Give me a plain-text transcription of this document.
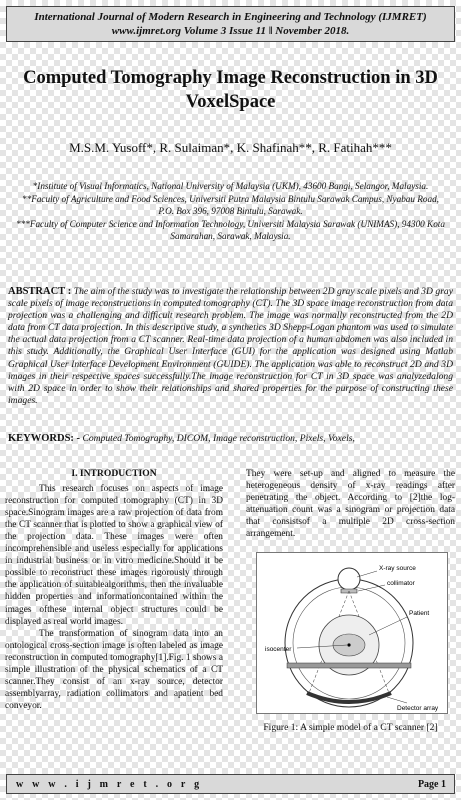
International Journal of Modern Research in Engineering and Technology (IJMRET)
www.ijmret.org Volume 3 Issue 11 ǁ November 2018.
Computed Tomography Image Reconstruction in 3D VoxelSpace
M.S.M. Yusoff*, R. Sulaiman*, K. Shafinah**, R. Fatihah***

*Institute of Visual Informatics, National University of Malaysia (UKM), 43600 Bangi, Selangor, Malaysia.

**Faculty of Agriculture and Food Sciences, Universiti Putra Malaysia Bintulu Sarawak Campus, Nyabau Road, P.O. Box 396, 97008 Bintulu, Sarawak.

***Faculty of Computer Science and Information Technology, Universiti Malaysia Sarawak (UNIMAS), 94300 Kota Samarahan, Sarawak, Malaysia.

ABSTRACT : The aim of the study was to investigate the relationship between 2D gray scale pixels and 3D gray scale pixels of image reconstructions in computed tomography (CT). The 3D space image reconstruction from data projection was a challenging and difficult research problem. The image was normally reconstructed from the 2D data from CT data projection. In this descriptive study, a synthetics 3D Shepp-Logan phantom was used to simulate the actual data projection from a CT scanner. Real-time data projection of a human abdomen was also included in this study. Additionally, the Graphical User Interface (GUI) for the application was designed using Matlab Graphical User Interface Development Environment (GUIDE). The application was able to reconstruct 2D and 3D images in their respective spaces successfully.The image reconstruction for CT in 3D space was analyzedalong with 2D space in order to show their relationships and shared properties for the purpose of constructing these images.
KEYWORDS: - Computed Tomography, DICOM, Image reconstruction, Pixels, Voxels,

I. INTRODUCTION

This research focuses on aspects of image reconstruction for computed tomography (CT) in 3D space.Sinogram images are a raw projection of data from the CT scanner that is plotted to show a graphical view of the projection data. These images were often incomprehensible and useless especially for applications in industrial business or in vitro medicine.Should it be possible to reconstruct these images rigorously through the application of suitablealgorithms, then the invaluable hidden properties and informationcontained within the images ofthese internal object structures could be displayed as real world images.

The transformation of sinogram data into an ontological cross-section image is often labeled as image reconstruction in computed tomography[1].Fig. 1 shows a simple illustration of the physical schematics of a CT scanner.They consist of an x-ray source, detector assemblyarray, radiation collimators and apatient bed conveyor.

They were set-up and aligned to measure the heterogeneous density of x-ray readings after penetrating the object. According to [2]the log-attenuation count was a sinogram or projection data that consistsof a multiple 2D cross-section arrangement.

X-ray source
collimator
Patient
isocenter
Detector array
Figure 1: A simple model of a CT scanner [2]
w w w . i j m r e t . o r g	Page 1
